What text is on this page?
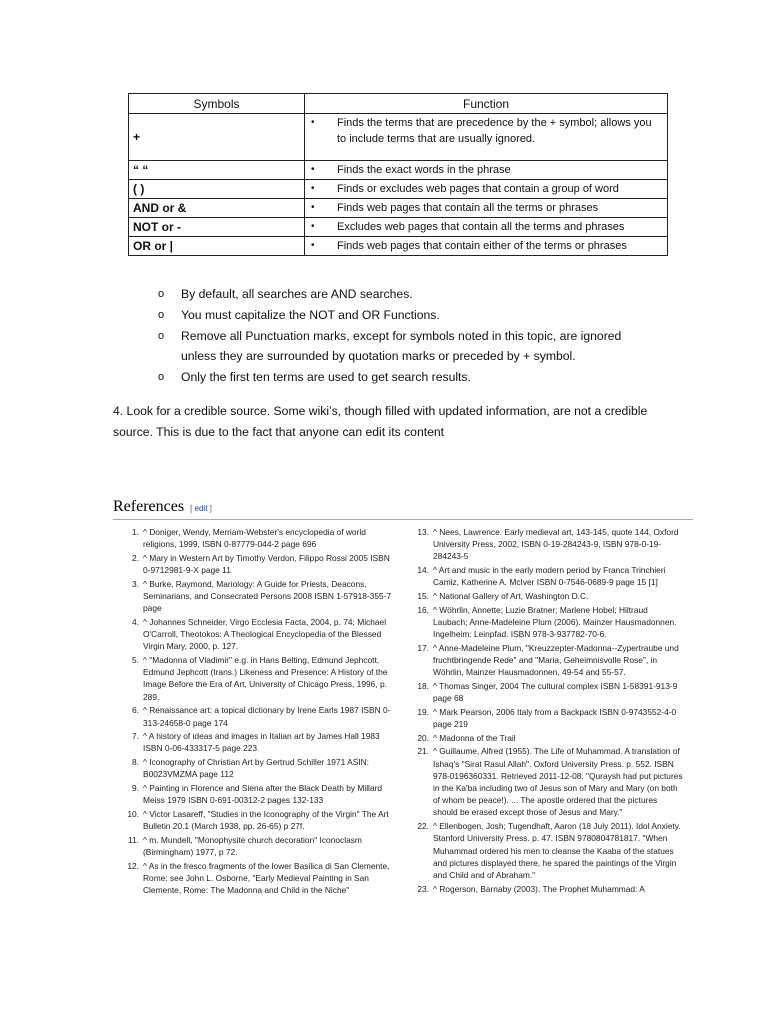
Symbols	Function
+	• Finds the terms that are precedence by the + symbol; allows you to include terms that are usually ignored.

“ “	• Finds the exact words in the phrase

( )	• Finds or excludes web pages that contain a group of word

AND or &	• Finds web pages that contain all the terms or phrases

NOT or -	• Excludes web pages that contain all the terms and phrases

OR or |	• Finds web pages that contain either of the terms or phrases
o	By default, all searches are AND searches.
o	You must capitalize the NOT and OR Functions.
o	Remove all Punctuation marks, except for symbols noted in this topic, are ignored unless they are surrounded by quotation marks or preceded by + symbol.
o	Only the first ten terms are used to get search results.

4. Look for a credible source. Some wiki’s, though filled with updated information, are not a credible source. This is due to the fact that anyone can edit its content

References [ edit ]
1. ^ Doniger, Wendy, Merriam-Webster's encyclopedia of world religions, 1999, ISBN 0-87779-044-2 page 696
2. ^ Mary in Western Art by Timothy Verdon, Filippo Rossi 2005 ISBN 0-9712981-9-X page 11
3. ^ Burke, Raymond, Mariology: A Guide for Priests, Deacons, Seminarians, and Consecrated Persons 2008 ISBN 1-57918-355-7 page
4. ^ Johannes Schneider, Virgo Ecclesia Facta, 2004, p. 74; Michael O'Carroll, Theotokos: A Theological Encyclopedia of the Blessed Virgin Mary, 2000, p. 127.
5. ^ "Madonna of Vladimir" e.g. in Hans Belting, Edmund Jephcott, Edmund Jephcott (trans.) Likeness and Presence: A History of the Image Before the Era of Art, University of Chicago Press, 1996, p. 289.
6. ^ Renaissance art: a topical dictionary by Irene Earls 1987 ISBN 0-313-24658-0 page 174
7. ^ A history of ideas and images in Italian art by James Hall 1983 ISBN 0-06-433317-5 page 223
8. ^ Iconography of Christian Art by Gertrud Schiller 1971 ASIN: B0023VMZMA page 112
9. ^ Painting in Florence and Siena after the Black Death by Millard Meiss 1979 ISBN 0-691-00312-2 pages 132-133
10. ^ Victor Lasareff, "Studies in the Iconography of the Virgin" The Art Bulletin 20.1 (March 1938, pp. 26-65) p 27f.
11. ^ m. Mundell, "Monophysite church decoration" Iconoclasm (Birmingham) 1977, p 72.
12. ^ As in the fresco fragments of the lower Basilica di San Clemente, Rome: see John L. Osborne, "Early Medieval Painting in San Clemente, Rome: The Madonna and Child in the Niche"
13. ^ Nees, Lawrence. Early medieval art, 143-145, quote 144, Oxford University Press, 2002, ISBN 0-19-284243-9, ISBN 978-0-19-284243-5
14. ^ Art and music in the early modern period by Franca Trinchieri Camiz, Katherine A. McIver ISBN 0-7546-0689-9 page 15 [1]
15. ^ National Gallery of Art, Washington D.C.
16. ^ Wöhrlin, Annette; Luzie Bratner; Marlene Hobel; Hiltraud Laubach; Anne-Madeleine Plum (2006). Mainzer Hausmadonnen. Ingelheim: Leinpfad. ISBN 978-3-937782-70-6.
17. ^ Anne-Madeleine Plum, "Kreuzzepter-Madonna--Zypertraube und fruchtbringende Rede" and "Maria, Geheimnisvolle Rose", in Wöhrlin, Mainzer Hausmadonnen, 49-54 and 55-57.
18. ^ Thomas Singer, 2004 The cultural complex ISBN 1-58391-913-9 page 68
19. ^ Mark Pearson, 2006 Italy from a Backpack ISBN 0-9743552-4-0 page 219
20. ^ Madonna of the Trail
21. ^ Guillaume, Alfred (1955). The Life of Muhammad. A translation of Ishaq's "Sirat Rasul Allah". Oxford University Press. p. 552. ISBN 978-0196360331. Retrieved 2011-12-08. "Quraysh had put pictures in the Ka'ba including two of Jesus son of Mary and Mary (on both of whom be peace!). ... The apostle ordered that the pictures should be erased except those of Jesus and Mary."
22. ^ Ellenbogen, Josh; Tugendhaft, Aaron (18 July 2011). Idol Anxiety. Stanford University Press. p. 47. ISBN 9780804781817. "When Muhammad ordered his men to cleanse the Kaaba of the statues and pictures displayed there, he spared the paintings of the Virgin and Child and of Abraham."
23. ^ Rogerson, Barnaby (2003). The Prophet Muhammad: A
